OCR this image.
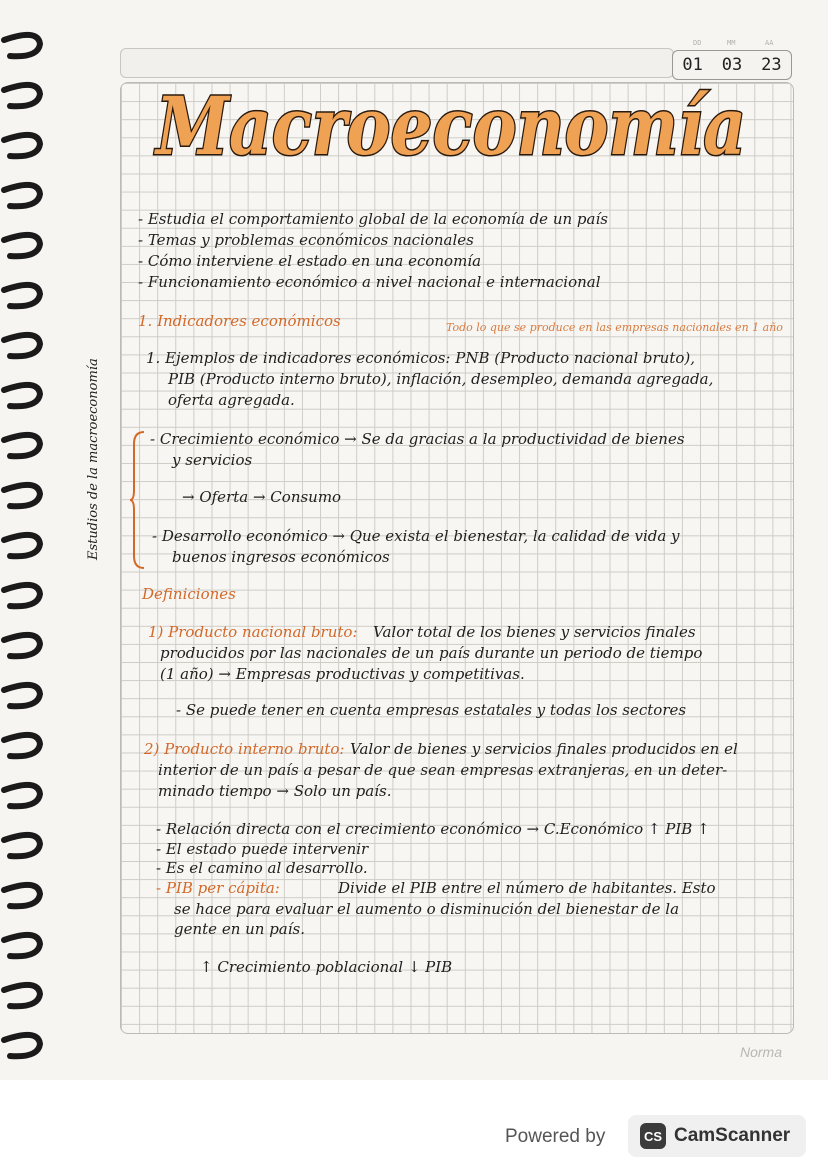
DD	MM	AA
01 03 23
Macroeconomía
- Estudia el comportamiento global de la economía de un país
- Temas y problemas económicos nacionales
- Cómo interviene el estado en una economía
- Funcionamiento económico a nivel nacional e internacional
1. Indicadores económicos	Todo lo que se produce en las empresas nacionales en 1 año
1. Ejemplos de indicadores económicos: PNB (Producto nacional bruto),
PIB (Producto interno bruto), inflación, desempleo, demanda agregada,
oferta agregada.
Estudios de la macroeconomía	- Crecimiento económico → Se da gracias a la productividad de bienes
y servicios
→ Oferta → Consumo
- Desarrollo económico → Que exista el bienestar, la calidad de vida y
buenos ingresos económicos
Definiciones
1) Producto nacional bruto: Valor total de los bienes y servicios finales
producidos por las nacionales de un país durante un periodo de tiempo
(1 año) → Empresas productivas y competitivas.
- Se puede tener en cuenta empresas estatales y todas los sectores
2) Producto interno bruto: Valor de bienes y servicios finales producidos en el
interior de un país a pesar de que sean empresas extranjeras, en un deter-
minado tiempo → Solo un país.
- Relación directa con el crecimiento económico → C.Económico ↑ PIB ↑
- El estado puede intervenir
- Es el camino al desarrollo.
- PIB per cápita:	Divide el PIB entre el número de habitantes. Esto
se hace para evaluar el aumento o disminución del bienestar de la
gente en un país.
↑ Crecimiento poblacional ↓ PIB
Norma
Powered by	CS CamScanner
